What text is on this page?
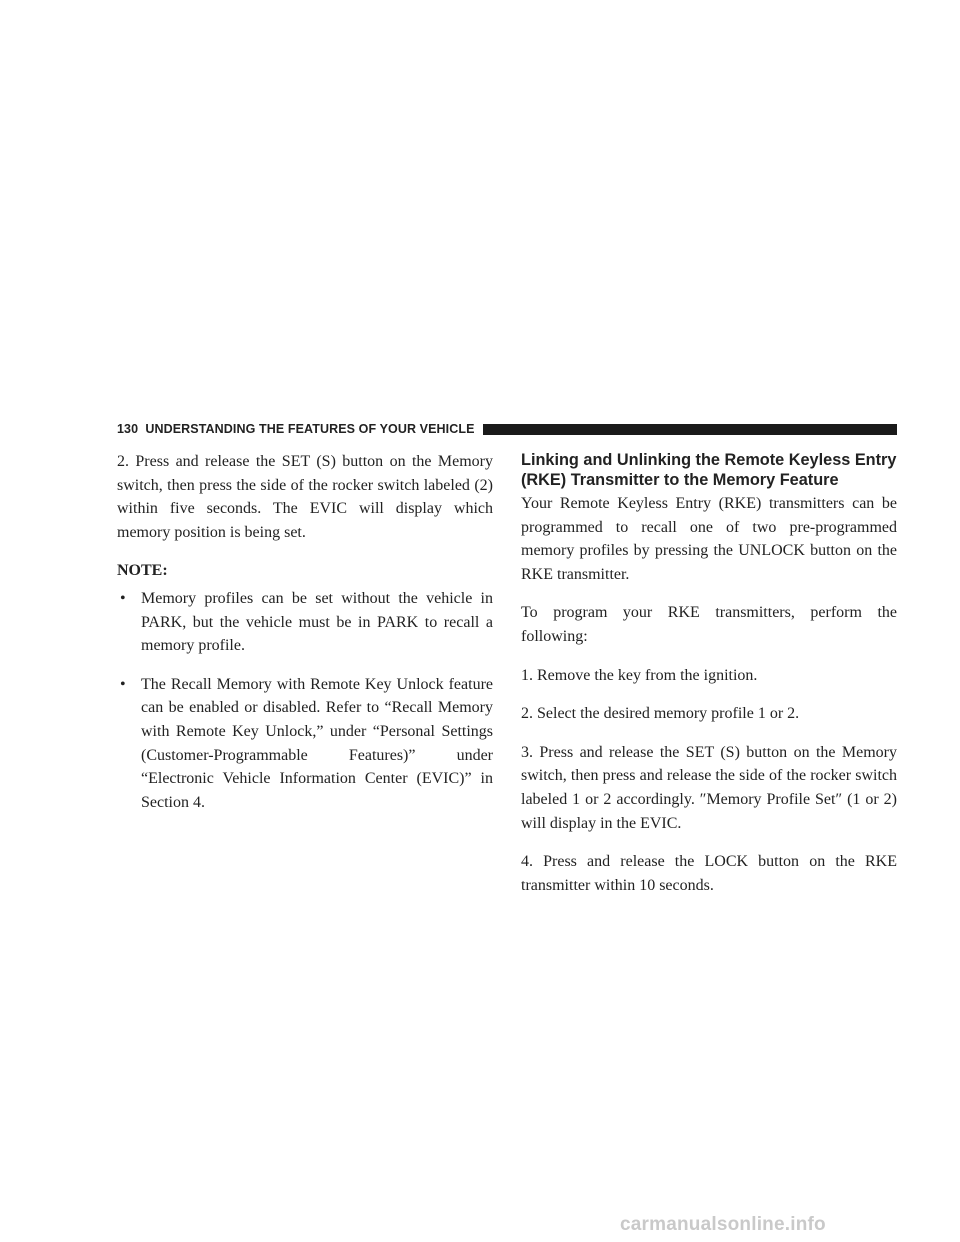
130 UNDERSTANDING THE FEATURES OF YOUR VEHICLE

2. Press and release the SET (S) button on the Memory switch, then press the side of the rocker switch labeled (2) within five seconds. The EVIC will display which memory position is being set.

NOTE:

• Memory profiles can be set without the vehicle in PARK, but the vehicle must be in PARK to recall a memory profile.

• The Recall Memory with Remote Key Unlock feature can be enabled or disabled. Refer to “Recall Memory with Remote Key Unlock,” under “Personal Settings (Customer-Programmable Features)” under “Electronic Vehicle Information Center (EVIC)” in Section 4.

Linking and Unlinking the Remote Keyless Entry (RKE) Transmitter to the Memory Feature

Your Remote Keyless Entry (RKE) transmitters can be programmed to recall one of two pre-programmed memory profiles by pressing the UNLOCK button on the RKE transmitter.

To program your RKE transmitters, perform the following:

1. Remove the key from the ignition.

2. Select the desired memory profile 1 or 2.

3. Press and release the SET (S) button on the Memory switch, then press and release the side of the rocker switch labeled 1 or 2 accordingly. ″Memory Profile Set″ (1 or 2) will display in the EVIC.

4. Press and release the LOCK button on the RKE transmitter within 10 seconds.

carmanualsonline.info
